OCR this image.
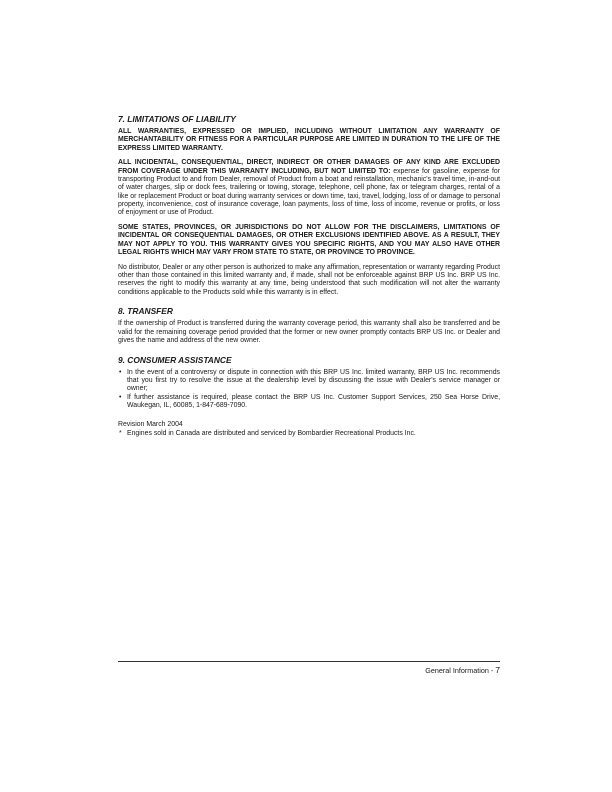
7. LIMITATIONS OF LIABILITY

ALL WARRANTIES, EXPRESSED OR IMPLIED, INCLUDING WITHOUT LIMITATION ANY WARRANTY OF MERCHANTABILITY OR FITNESS FOR A PARTICULAR PURPOSE ARE LIMITED IN DURATION TO THE LIFE OF THE EXPRESS LIMITED WARRANTY.

ALL INCIDENTAL, CONSEQUENTIAL, DIRECT, INDIRECT OR OTHER DAMAGES OF ANY KIND ARE EXCLUDED FROM COVERAGE UNDER THIS WARRANTY INCLUDING, BUT NOT LIMITED TO: expense for gasoline, expense for transporting Product to and from Dealer, removal of Product from a boat and reinstallation, mechanic's travel time, in-and-out of water charges, slip or dock fees, trailering or towing, storage, telephone, cell phone, fax or telegram charges, rental of a like or replacement Product or boat during warranty services or down time, taxi, travel, lodging, loss of or damage to personal property, inconvenience, cost of insurance coverage, loan payments, loss of time, loss of income, revenue or profits, or loss of enjoyment or use of Product.

SOME STATES, PROVINCES, OR JURISDICTIONS DO NOT ALLOW FOR THE DISCLAIMERS, LIMITATIONS OF INCIDENTAL OR CONSEQUENTIAL DAMAGES, OR OTHER EXCLUSIONS IDENTIFIED ABOVE. AS A RESULT, THEY MAY NOT APPLY TO YOU. THIS WARRANTY GIVES YOU SPECIFIC RIGHTS, AND YOU MAY ALSO HAVE OTHER LEGAL RIGHTS WHICH MAY VARY FROM STATE TO STATE, OR PROVINCE TO PROVINCE.

No distributor, Dealer or any other person is authorized to make any affirmation, representation or warranty regarding Product other than those contained in this limited warranty and, if made, shall not be enforceable against BRP US Inc. BRP US Inc. reserves the right to modify this warranty at any time, being understood that such modification will not alter the warranty conditions applicable to the Products sold while this warranty is in effect.

8. TRANSFER

If the ownership of Product is transferred during the warranty coverage period, this warranty shall also be transferred and be valid for the remaining coverage period provided that the former or new owner promptly contacts BRP US Inc. or Dealer and gives the name and address of the new owner.

9. CONSUMER ASSISTANCE
• In the event of a controversy or dispute in connection with this BRP US Inc. limited warranty, BRP US Inc. recommends that you first try to resolve the issue at the dealership level by discussing the issue with Dealer's service manager or owner;
• If further assistance is required, please contact the BRP US Inc. Customer Support Services, 250 Sea Horse Drive, Waukegan, IL, 60085, 1-847-689-7090.
Revision March 2004
* Engines sold in Canada are distributed and serviced by Bombardier Recreational Products Inc.
General Information - 7
